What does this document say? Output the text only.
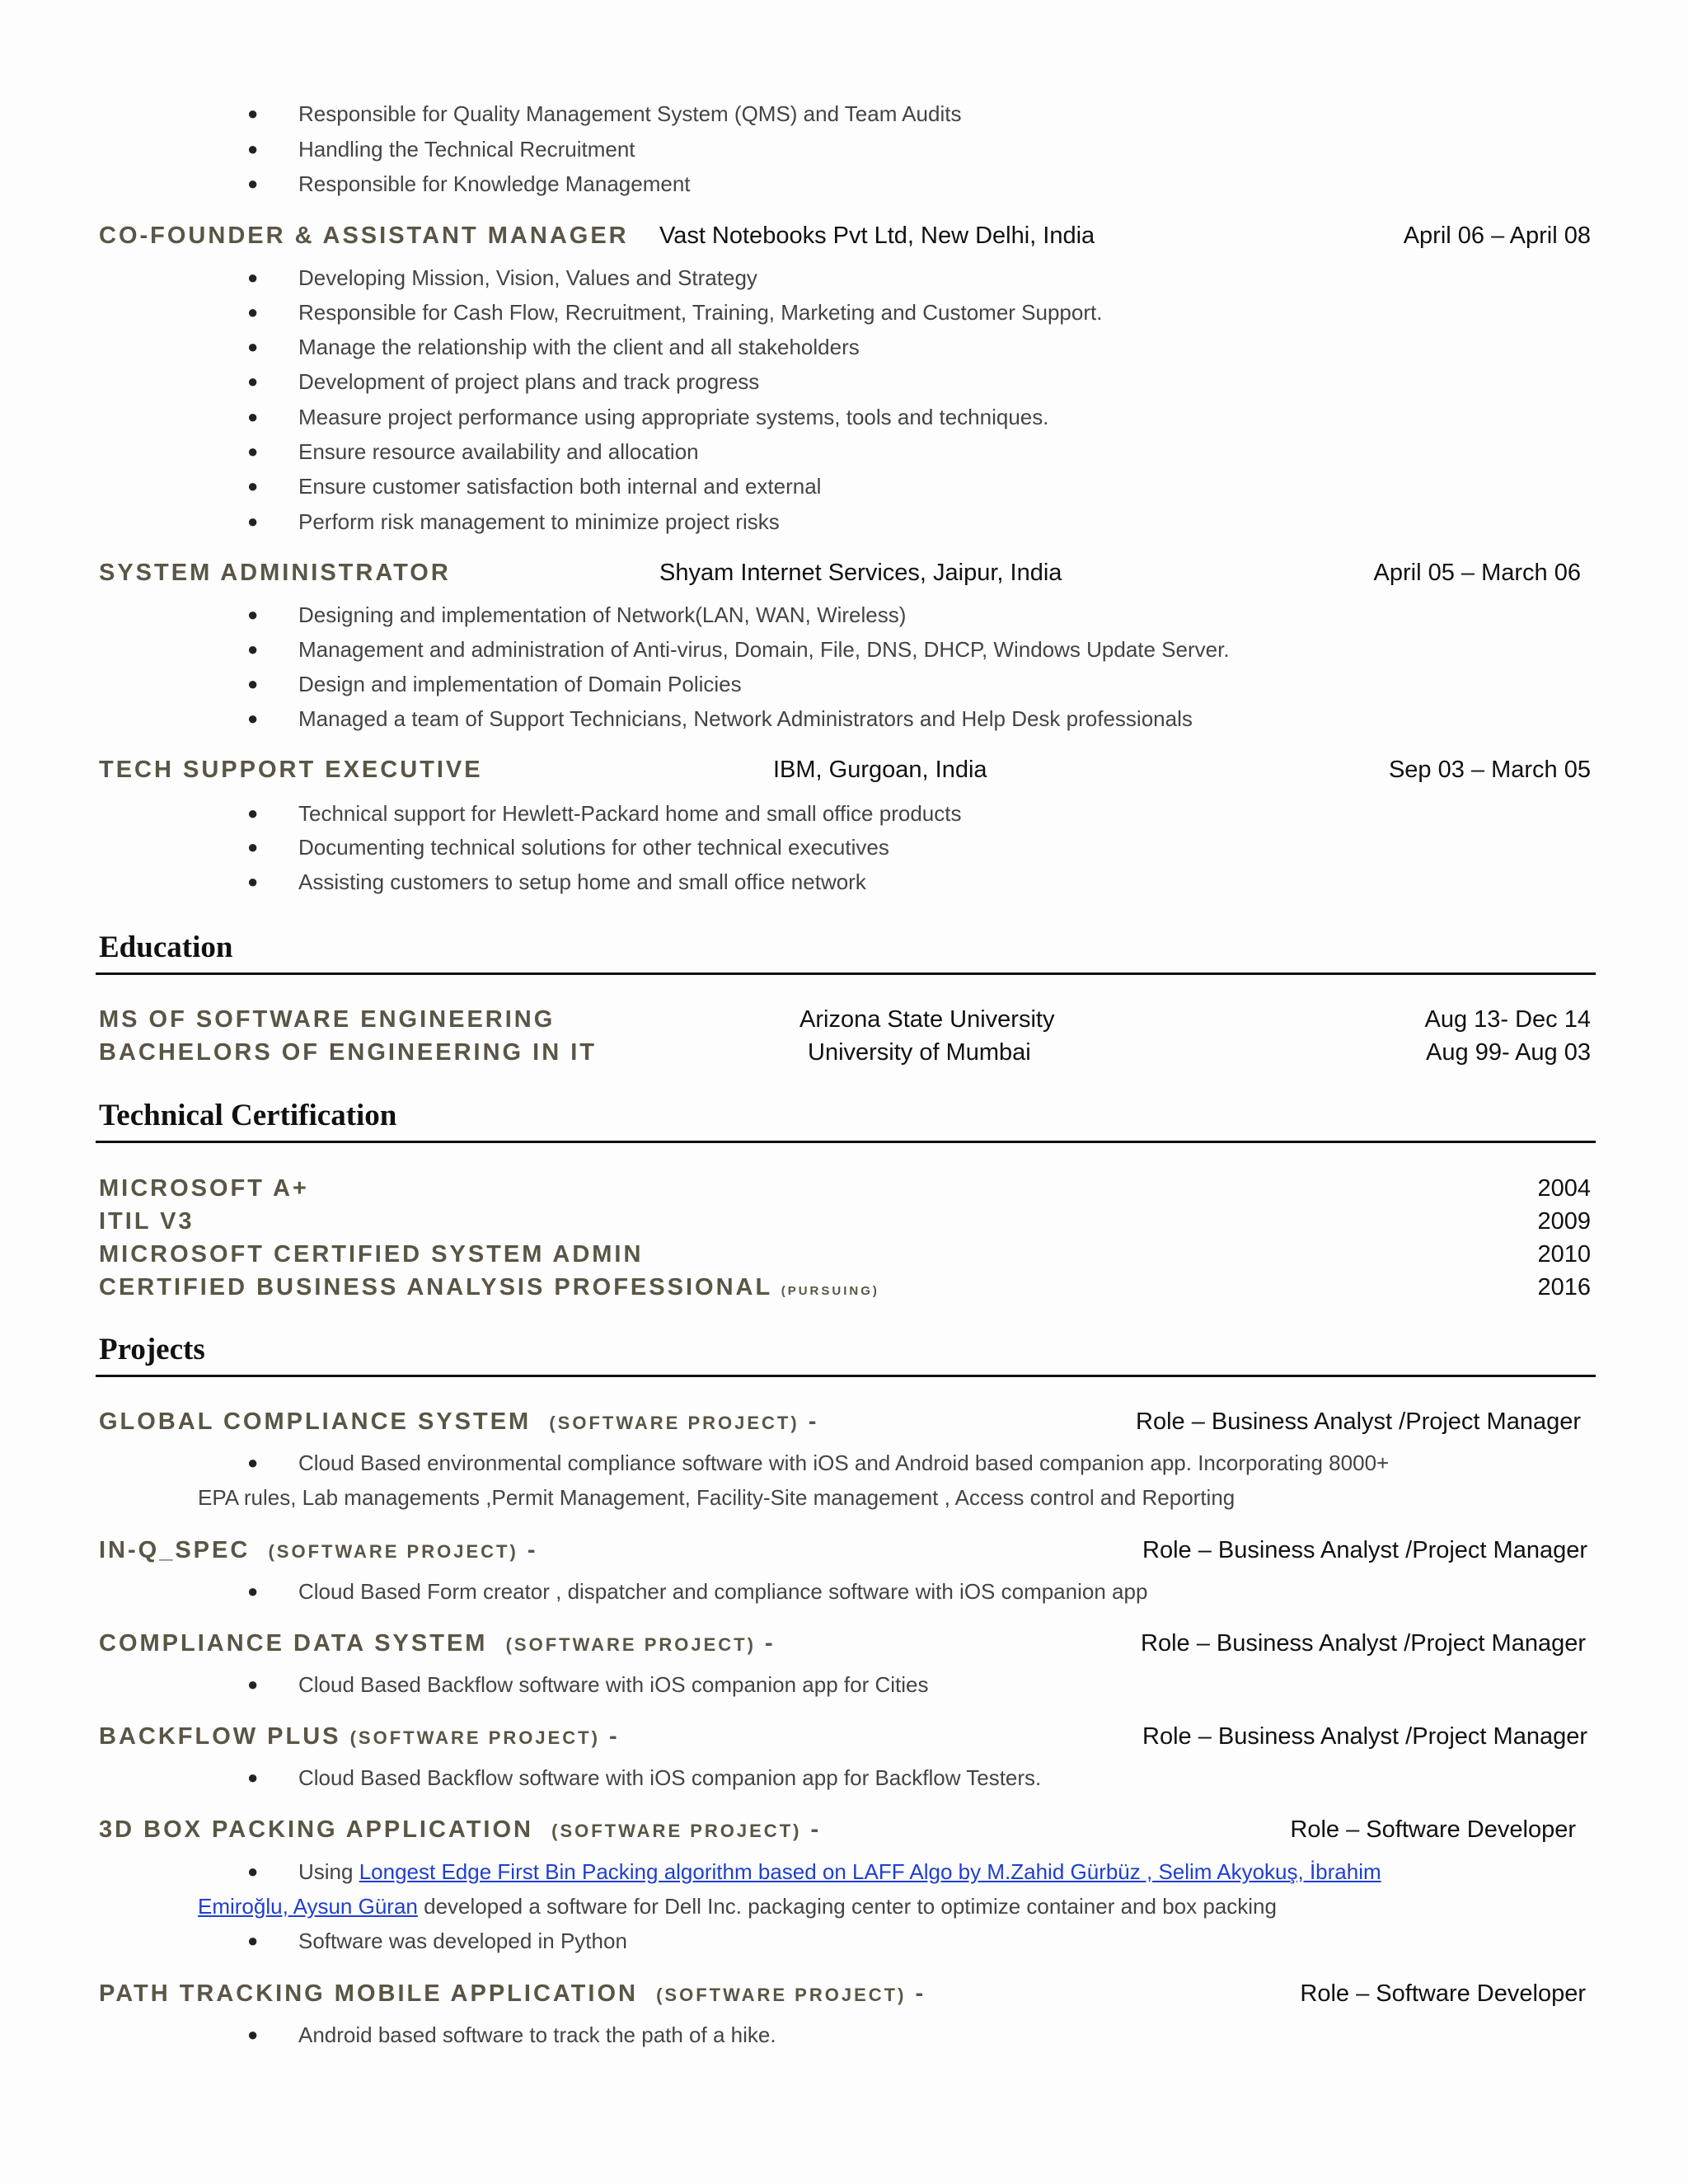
● Responsible for Quality Management System (QMS) and Team Audits
● Handling the Technical Recruitment
● Responsible for Knowledge Management
CO-FOUNDER & ASSISTANT MANAGER Vast Notebooks Pvt Ltd, New Delhi, India	April 06 – April 08
● Developing Mission, Vision, Values and Strategy
● Responsible for Cash Flow, Recruitment, Training, Marketing and Customer Support.
● Manage the relationship with the client and all stakeholders
● Development of project plans and track progress
● Measure project performance using appropriate systems, tools and techniques.
● Ensure resource availability and allocation
● Ensure customer satisfaction both internal and external
● Perform risk management to minimize project risks
SYSTEM ADMINISTRATOR	Shyam Internet Services, Jaipur, India	April 05 – March 06
● Designing and implementation of Network(LAN, WAN, Wireless)
● Management and administration of Anti-virus, Domain, File, DNS, DHCP, Windows Update Server.
● Design and implementation of Domain Policies
● Managed a team of Support Technicians, Network Administrators and Help Desk professionals
TECH SUPPORT EXECUTIVE	IBM, Gurgoan, India	Sep 03 – March 05
● Technical support for Hewlett-Packard home and small office products
● Documenting technical solutions for other technical executives
● Assisting customers to setup home and small office network
Education
MS OF SOFTWARE ENGINEERING	Arizona State University	Aug 13- Dec 14
BACHELORS OF ENGINEERING IN IT	University of Mumbai	Aug 99- Aug 03
Technical Certification
MICROSOFT A+	2004
ITIL V3	2009
MICROSOFT CERTIFIED SYSTEM ADMIN	2010
CERTIFIED BUSINESS ANALYSIS PROFESSIONAL (PURSUING)	2016
Projects
GLOBAL COMPLIANCE SYSTEM (SOFTWARE PROJECT) -	Role – Business Analyst /Project Manager
● Cloud Based environmental compliance software with iOS and Android based companion app. Incorporating 8000+
EPA rules, Lab managements ,Permit Management, Facility-Site management , Access control and Reporting
IN-Q_SPEC (SOFTWARE PROJECT) -	Role – Business Analyst /Project Manager
● Cloud Based Form creator , dispatcher and compliance software with iOS companion app
COMPLIANCE DATA SYSTEM (SOFTWARE PROJECT) -	Role – Business Analyst /Project Manager
● Cloud Based Backflow software with iOS companion app for Cities
BACKFLOW PLUS (SOFTWARE PROJECT) -	Role – Business Analyst /Project Manager
● Cloud Based Backflow software with iOS companion app for Backflow Testers.
3D BOX PACKING APPLICATION (SOFTWARE PROJECT) -	Role – Software Developer
● Using Longest Edge First Bin Packing algorithm based on LAFF Algo by M.Zahid Gürbüz , Selim Akyokuş, İbrahim
Emiroğlu, Aysun Güran developed a software for Dell Inc. packaging center to optimize container and box packing
● Software was developed in Python
PATH TRACKING MOBILE APPLICATION (SOFTWARE PROJECT) -	Role – Software Developer
● Android based software to track the path of a hike.
